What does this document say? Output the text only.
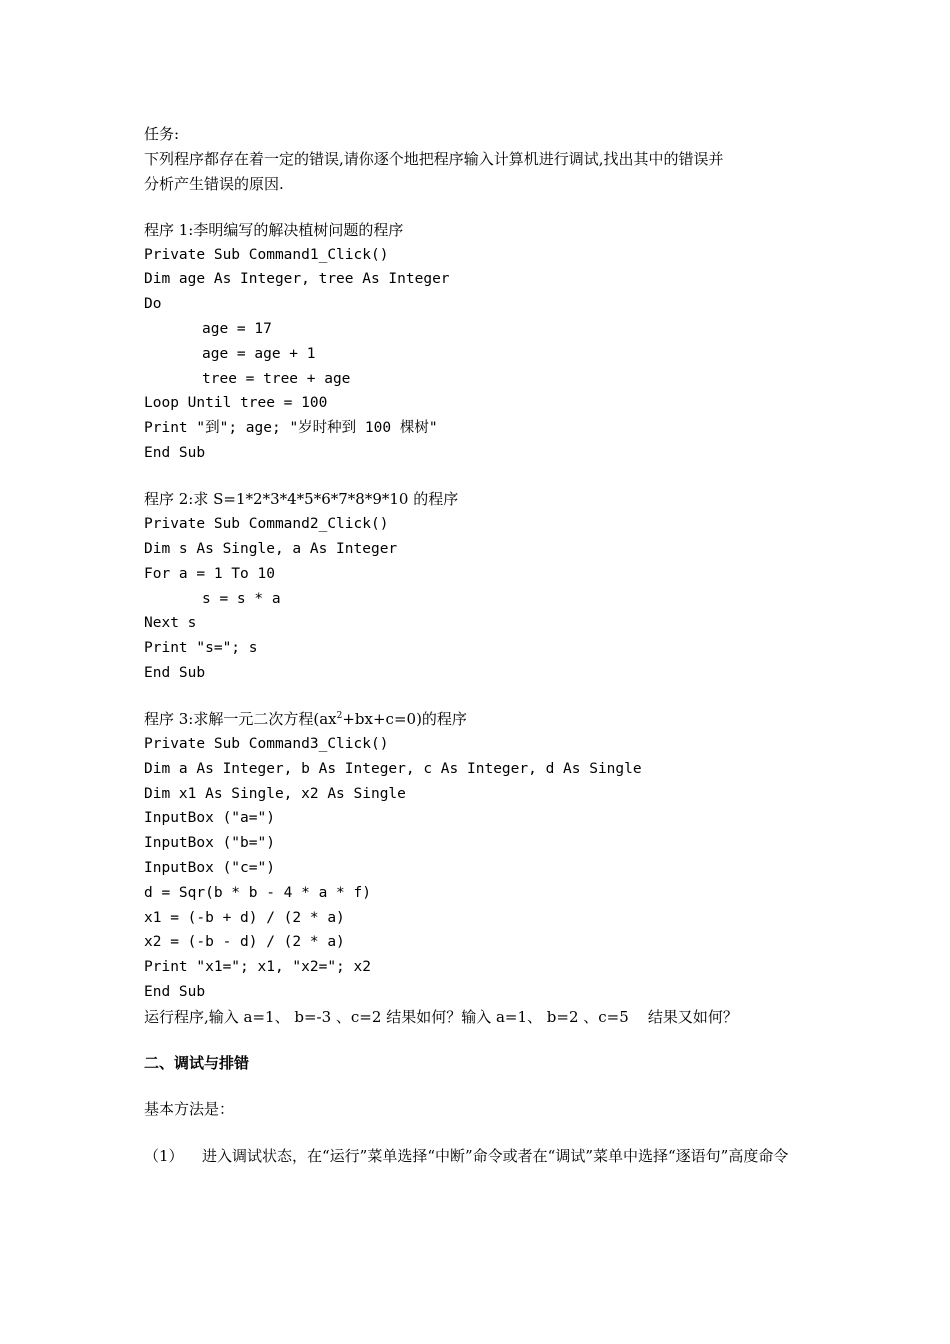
任务:
下列程序都存在着一定的错误,请你逐个地把程序输入计算机进行调试,找出其中的错误并
分析产生错误的原因.
程序 1:李明编写的解决植树问题的程序
Private Sub Command1_Click()
Dim age As Integer, tree As Integer
Do
age = 17
age = age + 1
tree = tree + age
Loop Until tree = 100
Print "到"; age; "岁时种到 100 棵树"
End Sub
程序 2:求 S=1*2*3*4*5*6*7*8*9*10 的程序
Private Sub Command2_Click()
Dim s As Single, a As Integer
For a = 1 To 10
s = s * a
Next s
Print "s="; s
End Sub
程序 3:求解一元二次方程$(ax^2+bx+c=0)$的程序
Private Sub Command3_Click()
Dim a As Integer, b As Integer, c As Integer, d As Single
Dim x1 As Single, x2 As Single
InputBox ("a=")
InputBox ("b=")
InputBox ("c=")
d = Sqr(b * b - 4 * a * f)
x1 = (-b + d) / (2 * a)
x2 = (-b - d) / (2 * a)
Print "x1="; x1, "x2="; x2
End Sub
运行程序,输入 a=1、 b=-3 、c=2 结果如何？输入 a=1、 b=2 、c=5    结果又如何？
二、调试与排错
基本方法是：
（1）	进入调试状态，在“运行”菜单选择“中断”命令或者在“调试”菜单中选择“逐语句”高度命令
